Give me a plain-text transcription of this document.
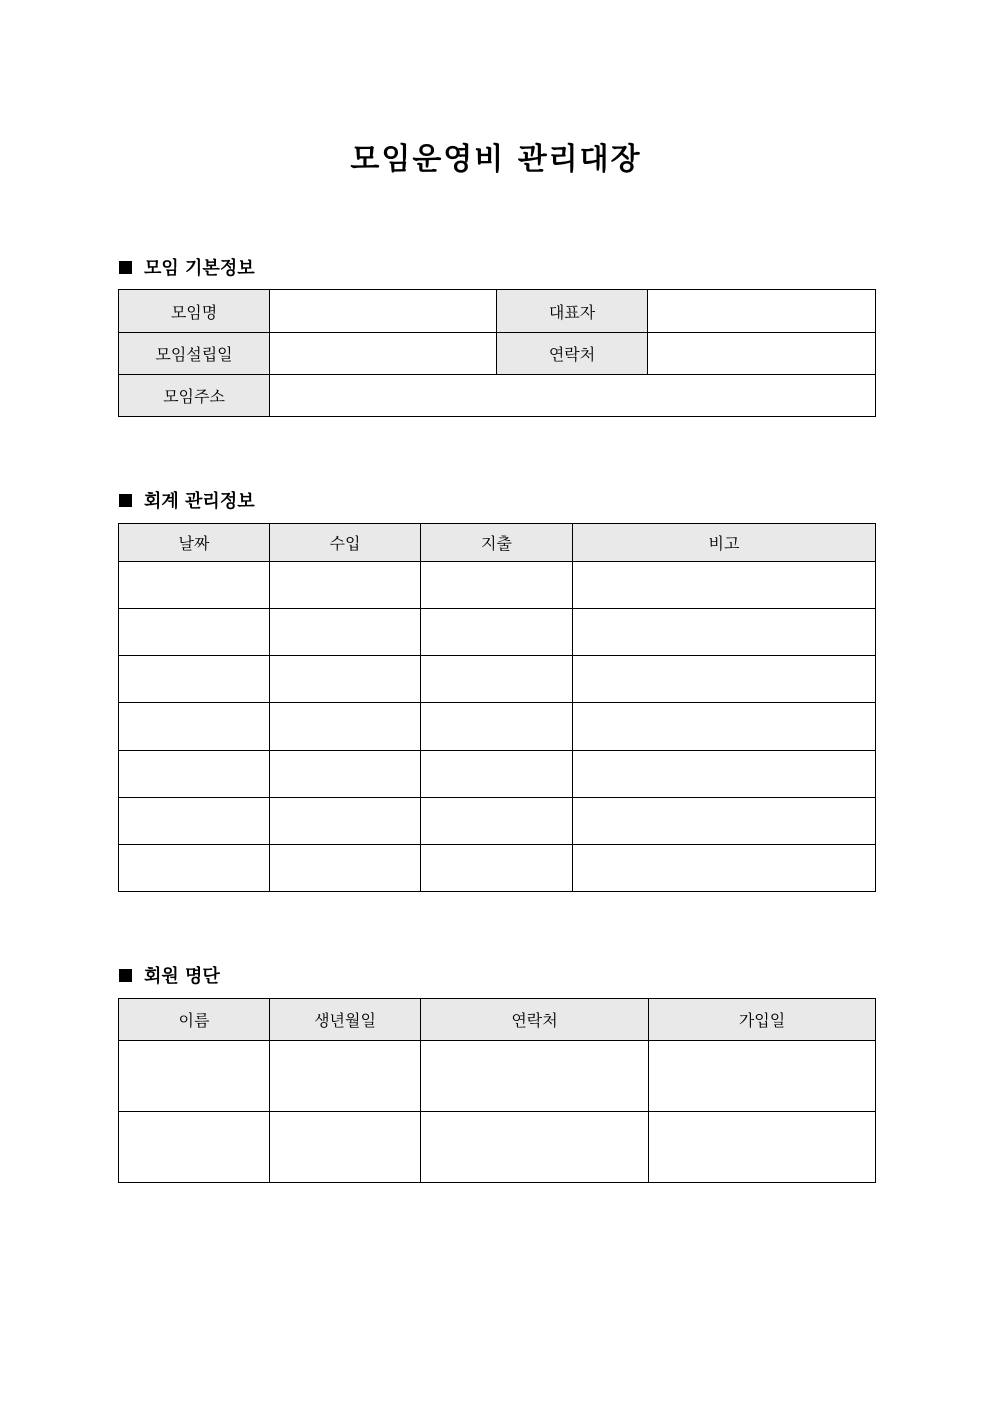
모임운영비 관리대장
모임 기본정보
모임명		대표자	
모임설립일		연락처	
모임주소			
회계 관리정보
날짜	수입	지출	비고

회원 명단
이름	생년월일	연락처	가입일
